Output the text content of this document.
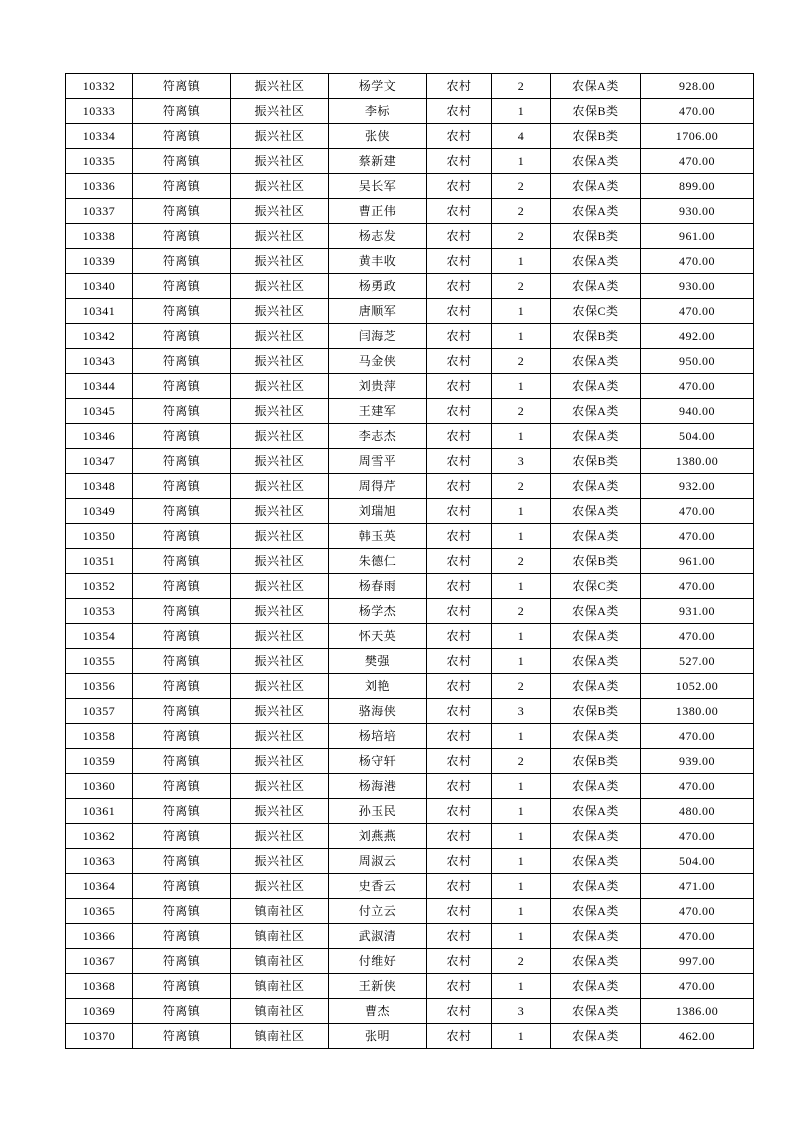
10332	符离镇	振兴社区	杨学文	农村	2	农保A类	928.00
10333	符离镇	振兴社区	李标	农村	1	农保B类	470.00
10334	符离镇	振兴社区	张侠	农村	4	农保B类	1706.00
10335	符离镇	振兴社区	蔡新建	农村	1	农保A类	470.00
10336	符离镇	振兴社区	吴长军	农村	2	农保A类	899.00
10337	符离镇	振兴社区	曹正伟	农村	2	农保A类	930.00
10338	符离镇	振兴社区	杨志发	农村	2	农保B类	961.00
10339	符离镇	振兴社区	黄丰收	农村	1	农保A类	470.00
10340	符离镇	振兴社区	杨勇政	农村	2	农保A类	930.00
10341	符离镇	振兴社区	唐顺军	农村	1	农保C类	470.00
10342	符离镇	振兴社区	闫海芝	农村	1	农保B类	492.00
10343	符离镇	振兴社区	马金侠	农村	2	农保A类	950.00
10344	符离镇	振兴社区	刘贵萍	农村	1	农保A类	470.00
10345	符离镇	振兴社区	王建军	农村	2	农保A类	940.00
10346	符离镇	振兴社区	李志杰	农村	1	农保A类	504.00
10347	符离镇	振兴社区	周雪平	农村	3	农保B类	1380.00
10348	符离镇	振兴社区	周得芹	农村	2	农保A类	932.00
10349	符离镇	振兴社区	刘瑞旭	农村	1	农保A类	470.00
10350	符离镇	振兴社区	韩玉英	农村	1	农保A类	470.00
10351	符离镇	振兴社区	朱德仁	农村	2	农保B类	961.00
10352	符离镇	振兴社区	杨春雨	农村	1	农保C类	470.00
10353	符离镇	振兴社区	杨学杰	农村	2	农保A类	931.00
10354	符离镇	振兴社区	怀天英	农村	1	农保A类	470.00
10355	符离镇	振兴社区	樊强	农村	1	农保A类	527.00
10356	符离镇	振兴社区	刘艳	农村	2	农保A类	1052.00
10357	符离镇	振兴社区	骆海侠	农村	3	农保B类	1380.00
10358	符离镇	振兴社区	杨培培	农村	1	农保A类	470.00
10359	符离镇	振兴社区	杨守轩	农村	2	农保B类	939.00
10360	符离镇	振兴社区	杨海港	农村	1	农保A类	470.00
10361	符离镇	振兴社区	孙玉民	农村	1	农保A类	480.00
10362	符离镇	振兴社区	刘燕燕	农村	1	农保A类	470.00
10363	符离镇	振兴社区	周淑云	农村	1	农保A类	504.00
10364	符离镇	振兴社区	史香云	农村	1	农保A类	471.00
10365	符离镇	镇南社区	付立云	农村	1	农保A类	470.00
10366	符离镇	镇南社区	武淑清	农村	1	农保A类	470.00
10367	符离镇	镇南社区	付维好	农村	2	农保A类	997.00
10368	符离镇	镇南社区	王新侠	农村	1	农保A类	470.00
10369	符离镇	镇南社区	曹杰	农村	3	农保A类	1386.00
10370	符离镇	镇南社区	张明	农村	1	农保A类	462.00
